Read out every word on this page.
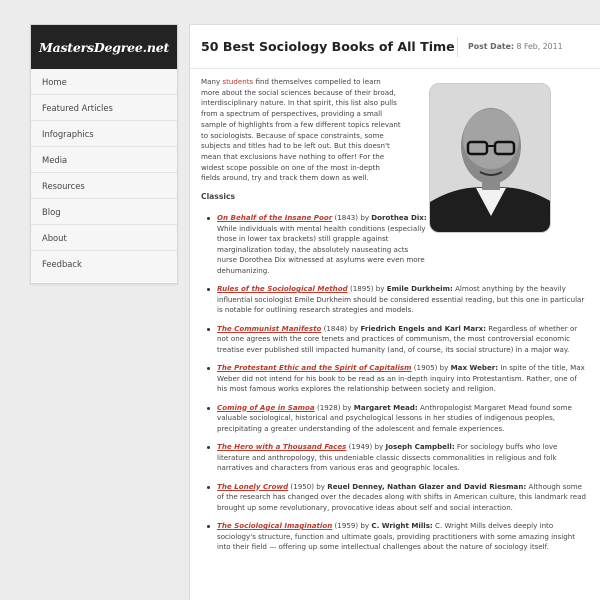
MastersDegree.net
Home
Featured Articles
Infographics
Media
Resources
Blog
About
Feedback
50 Best Sociology Books of All Time	Post Date: 8 Feb, 2011

Many students find themselves compelled to learn more about the social sciences because of their broad, interdisciplinary nature. In that spirit, this list also pulls from a spectrum of perspectives, providing a small sample of highlights from a few different topics relevant to sociologists. Because of space constraints, some subjects and titles had to be left out. But this doesn't mean that exclusions have nothing to offer! For the widest scope possible on one of the most in-depth fields around, try and track them down as well.

Classics
On Behalf of the Insane Poor (1843) by Dorothea Dix: While individuals with mental health conditions (especially those in lower tax brackets) still grapple against marginalization today, the absolutely nauseating acts nurse Dorothea Dix witnessed at asylums were even more dehumanizing.
Rules of the Sociological Method (1895) by Emile Durkheim: Almost anything by the heavily influential sociologist Emile Durkheim should be considered essential reading, but this one in particular is notable for outlining research strategies and models.
The Communist Manifesto (1848) by Friedrich Engels and Karl Marx: Regardless of whether or not one agrees with the core tenets and practices of communism, the most controversial economic treatise ever published still impacted humanity (and, of course, its social structure) in a major way.
The Protestant Ethic and the Spirit of Capitalism (1905) by Max Weber: In spite of the title, Max Weber did not intend for his book to be read as an in-depth inquiry into Protestantism. Rather, one of his most famous works explores the relationship between society and religion.
Coming of Age in Samoa (1928) by Margaret Mead: Anthropologist Margaret Mead found some valuable sociological, historical and psychological lessons in her studies of indigenous peoples, precipitating a greater understanding of the adolescent and female experiences.
The Hero with a Thousand Faces (1949) by Joseph Campbell: For sociology buffs who love literature and anthropology, this undeniable classic dissects commonalities in religious and folk narratives and characters from various eras and geographic locales.
The Lonely Crowd (1950) by Reuel Denney, Nathan Glazer and David Riesman: Although some of the research has changed over the decades along with shifts in American culture, this landmark read brought up some revolutionary, provocative ideas about self and social interaction.
The Sociological Imagination (1959) by C. Wright Mills: C. Wright Mills delves deeply into sociology's structure, function and ultimate goals, providing practitioners with some amazing insight into their field — offering up some intellectual challenges about the nature of sociology itself.
